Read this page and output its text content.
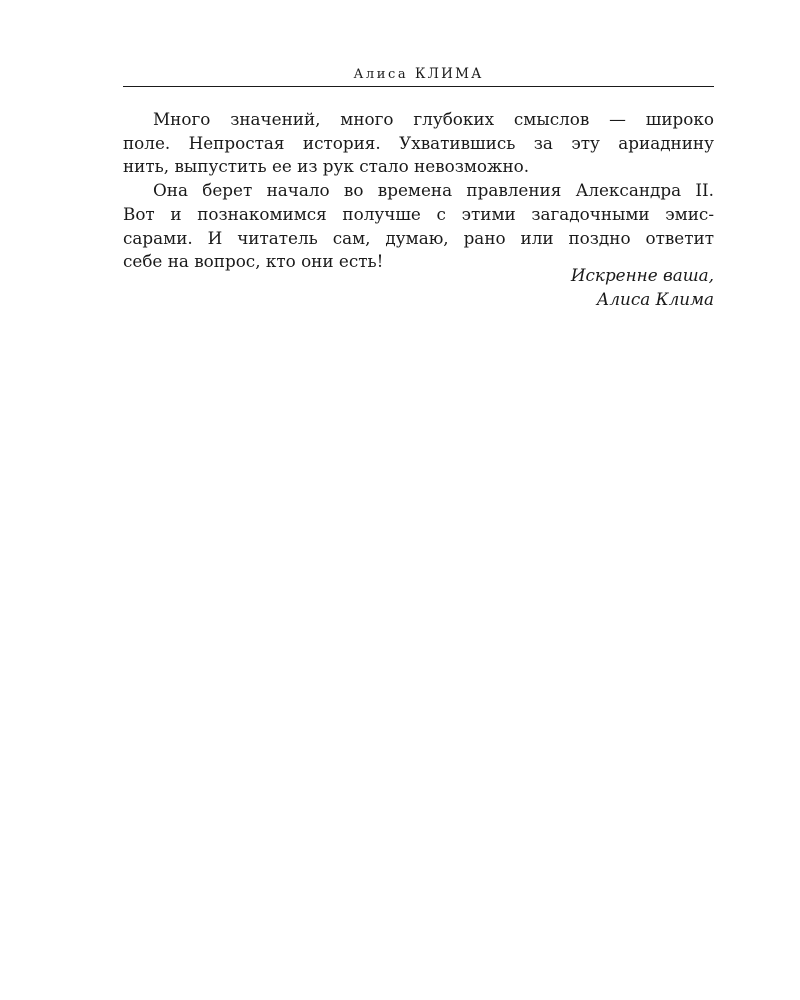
Алиса КЛИМА
Много значений, много глубоких смыслов — широко
поле. Непростая история. Ухватившись за эту ариаднину
нить, выпустить ее из рук стало невозможно.
Она берет начало во времена правления Александра II.
Вот и познакомимся получше с этими загадочными эмис-
сарами. И читатель сам, думаю, рано или поздно ответит
себе на вопрос, кто они есть!
Искренне ваша,
Алиса Клима
